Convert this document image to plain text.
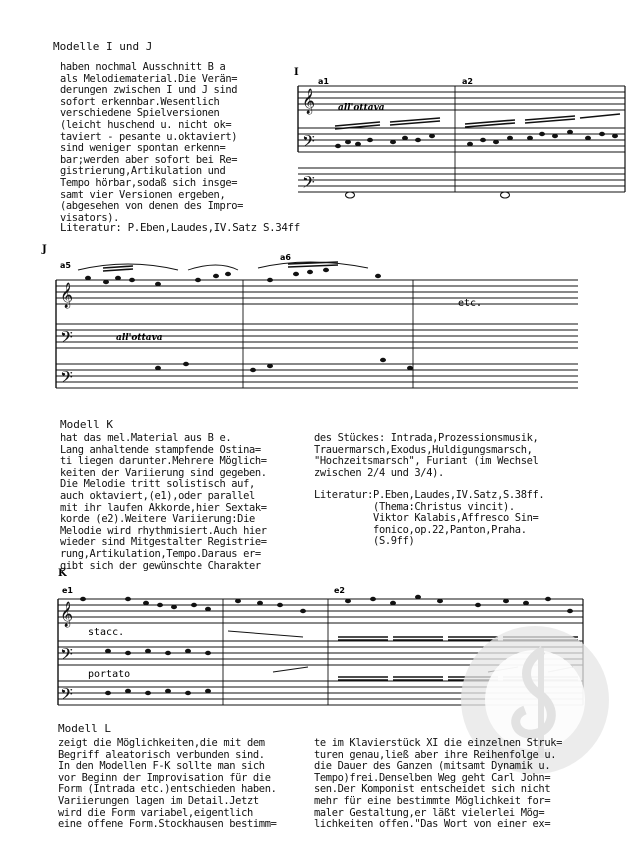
Modelle I und J
haben nochmal Ausschnitt B a
als Melodiematerial.Die Verän=
derungen zwischen I und J sind
sofort erkennbar.Wesentlich
verschiedene Spielversionen
(leicht huschend u. nicht ok=
taviert - pesante u.oktaviert)
sind weniger spontan erkenn=
bar;werden aber sofort bei Re=
gistrierung,Artikulation und
Tempo hörbar,sodaß sich insge=
samt vier Versionen ergeben,
(abgesehen von denen des Impro=
visators).
Literatur: P.Eben,Laudes,IV.Satz S.34ff
I
a1	a2
all'ottava
𝄞
𝄢
𝄢
J
a5
a6
all'ottava
etc.
𝄞
𝄢
𝄢
Modell K
hat das mel.Material aus B e.
Lang anhaltende stampfende Ostina=
ti liegen darunter.Mehrere Möglich=
keiten der Variierung sind gegeben.
Die Melodie tritt solistisch auf,
auch oktaviert,(e1),oder parallel
mit ihr laufen Akkorde,hier Sextak=
korde (e2).Weitere Variierung:Die
Melodie wird rhythmisiert.Auch hier
wieder sind Mitgestalter Registrie=
rung,Artikulation,Tempo.Daraus er=
gibt sich der gewünschte Charakter
des Stückes: Intrada,Prozessionsmusik,
Trauermarsch,Exodus,Huldigungsmarsch,
"Hochzeitsmarsch", Furiant (im Wechsel
zwischen 2/4 und 3/4).
Literatur:P.Eben,Laudes,IV.Satz,S.38ff.
(Thema:Christus vincit).
Viktor Kalabis,Affresco Sin=
fonico,op.22,Panton,Praha.
(S.9ff)
K
e1	e2
stacc.
portato
𝄞
𝄢
𝄢
Modell L
zeigt die Möglichkeiten,die mit dem
Begriff aleatorisch verbunden sind.
In den Modellen F-K sollte man sich
vor Beginn der Improvisation für die
Form (Intrada etc.)entschieden haben.
Variierungen lagen im Detail.Jetzt
wird die Form variabel,eigentlich
eine offene Form.Stockhausen bestimm=
te im Klavierstück XI die einzelnen Struk=
turen genau,ließ aber ihre Reihenfolge u.
die Dauer des Ganzen (mitsamt Dynamik u.
Tempo)frei.Denselben Weg geht Carl John=
sen.Der Komponist entscheidet sich nicht
mehr für eine bestimmte Möglichkeit for=
maler Gestaltung,er läßt vielerlei Mög=
lichkeiten offen."Das Wort von einer ex=
